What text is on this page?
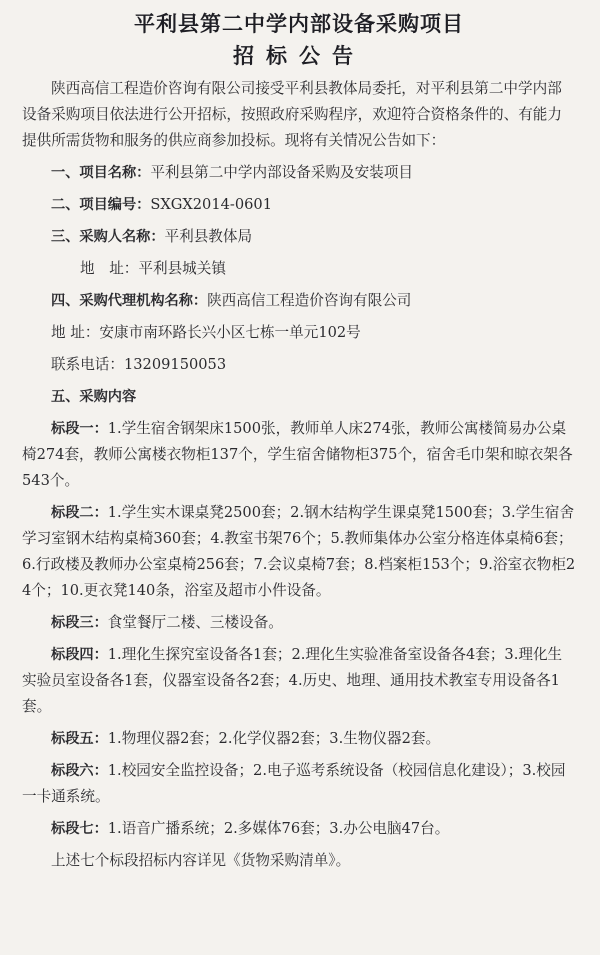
平利县第二中学内部设备采购项目
招标公告

陕西高信工程造价咨询有限公司接受平利县教体局委托，对平利县第二中学内部设备采购项目依法进行公开招标，按照政府采购程序，欢迎符合资格条件的、有能力提供所需货物和服务的供应商参加投标。现将有关情况公告如下：

一、项目名称：平利县第二中学内部设备采购及安装项目

二、项目编号：SXGX2014-0601

三、采购人名称：平利县教体局

地　址：平利县城关镇

四、采购代理机构名称：陕西高信工程造价咨询有限公司

地 址：安康市南环路长兴小区七栋一单元102号

联系电话：13209150053

五、采购内容

标段一：1.学生宿舍钢架床1500张，教师单人床274张，教师公寓楼简易办公桌椅274套，教师公寓楼衣物柜137个，学生宿舍储物柜375个，宿舍毛巾架和晾衣架各543个。

标段二：1.学生实木课桌凳2500套；2.钢木结构学生课桌凳1500套；3.学生宿舍学习室钢木结构桌椅360套；4.教室书架76个；5.教师集体办公室分格连体桌椅6套；6.行政楼及教师办公室桌椅256套；7.会议桌椅7套；8.档案柜153个；9.浴室衣物柜24个；10.更衣凳140条，浴室及超市小件设备。

标段三：食堂餐厅二楼、三楼设备。

标段四：1.理化生探究室设备各1套；2.理化生实验准备室设备各4套；3.理化生实验员室设备各1套，仪器室设备各2套；4.历史、地理、通用技术教室专用设备各1套。

标段五：1.物理仪器2套；2.化学仪器2套；3.生物仪器2套。

标段六：1.校园安全监控设备；2.电子巡考系统设备（校园信息化建设）；3.校园一卡通系统。

标段七：1.语音广播系统；2.多媒体76套；3.办公电脑47台。

上述七个标段招标内容详见《货物采购清单》。
